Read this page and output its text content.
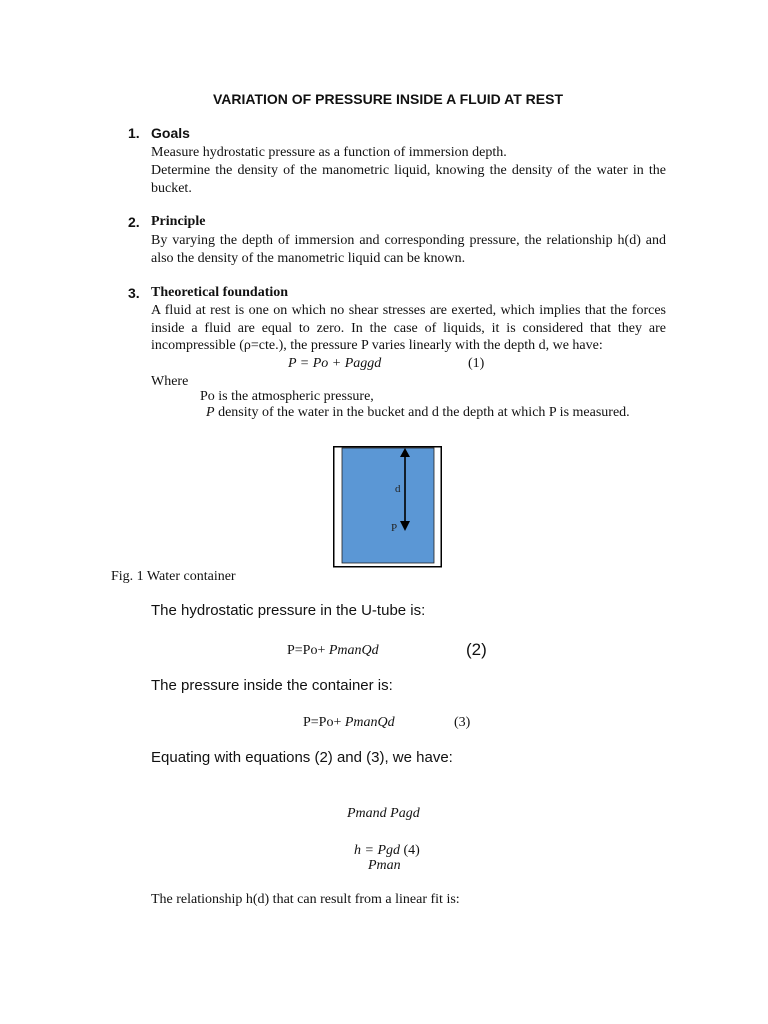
VARIATION OF PRESSURE INSIDE A FLUID AT REST
1. Goals
Measure hydrostatic pressure as a function of immersion depth.
Determine the density of the manometric liquid, knowing the density of the water in the bucket.
2. Principle
By varying the depth of immersion and corresponding pressure, the relationship h(d) and also the density of the manometric liquid can be known.
3. Theoretical foundation
A fluid at rest is one on which no shear stresses are exerted, which implies that the forces inside a fluid are equal to zero. In the case of liquids, it is considered that they are incompressible (ρ=cte.), the pressure P varies linearly with the depth d, we have:
P = Po + Paggd	(1)
Where
Po is the atmospheric pressure,
P density of the water in the bucket and d the depth at which P is measured.
d
P
Fig. 1 Water container
The hydrostatic pressure in the U-tube is:
P=Po+ PmanQd	(2)
The pressure inside the container is:
P=Po+ PmanQd	(3)
Equating with equations (2) and (3), we have:
Pmand Pagd
h = Pgd (4)
Pman
The relationship h(d) that can result from a linear fit is:
